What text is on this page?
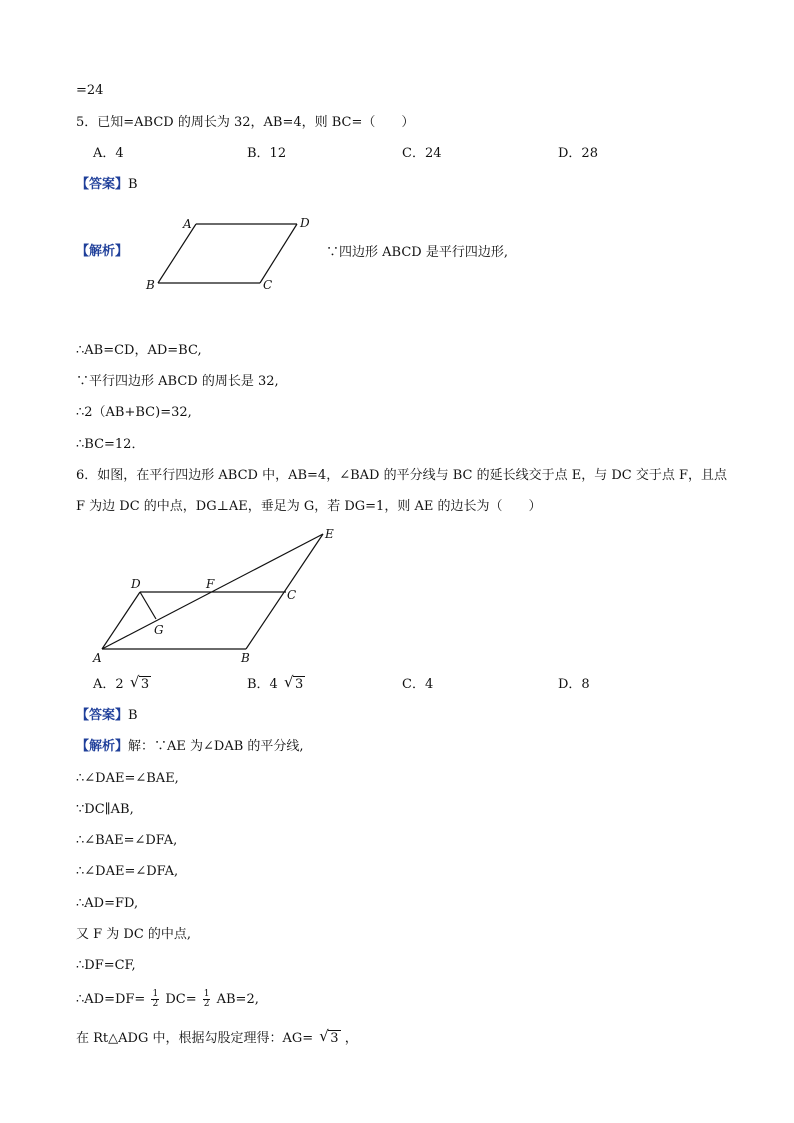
=24
5．已知=ABCD 的周长为 32，AB=4，则 BC=（　　）
A．4	B．12	C．24	D．28
【答案】B
【解析】
A	D
B	C
∵四边形 ABCD 是平行四边形,
∴AB=CD，AD=BC,
∵平行四边形 ABCD 的周长是 32,
∴2（AB+BC)=32,
∴BC=12．
6．如图，在平行四边形 ABCD 中，AB=4，∠BAD 的平分线与 BC 的延长线交于点 E，与 DC 交于点 F，且点
F 为边 DC 的中点，DG⊥AE，垂足为 G，若 DG=1，则 AE 的边长为（　　）
D	F
C
E
G
A	B
A．2 √ 3	B．4 √ 3	C．4	D．8
【答案】B
【解析】解：∵AE 为∠DAB 的平分线,
∴∠DAE=∠BAE,
∵DC∥AB,
∴∠BAE=∠DFA,
∴∠DAE=∠DFA,
∴AD=FD,
又 F 为 DC 的中点,
∴DF=CF,
∴AD=DF= $\frac{1}{2} DC= \frac{1}{2} AB=2$,
在 Rt△ADG 中，根据勾股定理得：AG= √ 3 ，
